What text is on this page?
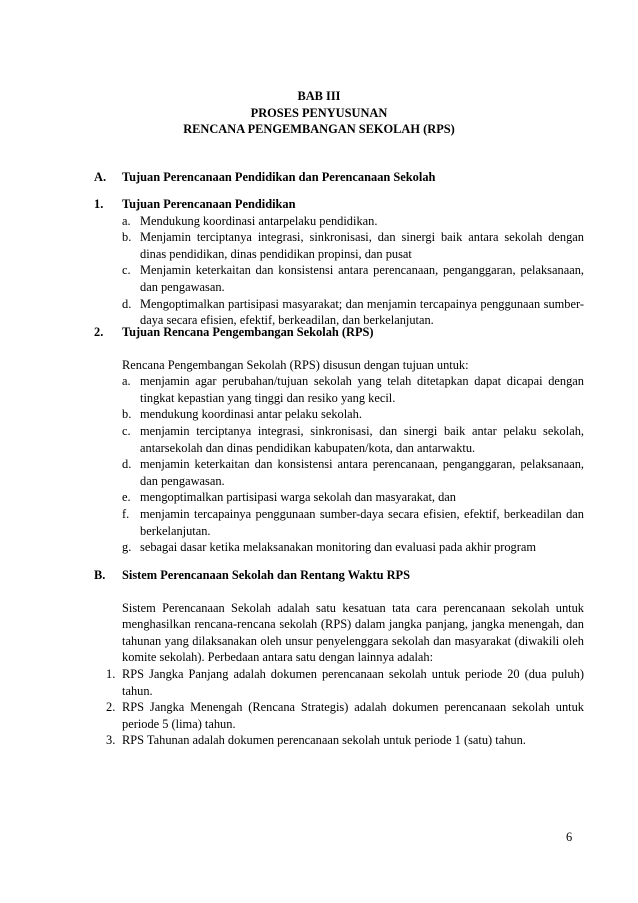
BAB III
PROSES PENYUSUNAN
RENCANA PENGEMBANGAN SEKOLAH (RPS)
A. Tujuan Perencanaan Pendidikan dan Perencanaan Sekolah
1. Tujuan Perencanaan Pendidikan
a. Mendukung koordinasi antarpelaku pendidikan.
b. Menjamin terciptanya integrasi, sinkronisasi, dan sinergi baik antara sekolah dengan dinas pendidikan, dinas pendidikan propinsi, dan pusat
c. Menjamin keterkaitan dan konsistensi antara perencanaan, penganggaran, pelaksanaan, dan pengawasan.
d. Mengoptimalkan partisipasi masyarakat; dan menjamin tercapainya penggunaan sumber-daya secara efisien, efektif, berkeadilan, dan berkelanjutan.
2. Tujuan Rencana Pengembangan Sekolah (RPS)
Rencana Pengembangan Sekolah (RPS) disusun dengan tujuan untuk:
a. menjamin agar perubahan/tujuan sekolah yang telah ditetapkan dapat dicapai dengan tingkat kepastian yang tinggi dan resiko yang kecil.
b. mendukung koordinasi antar pelaku sekolah.
c. menjamin terciptanya integrasi, sinkronisasi, dan sinergi baik antar pelaku sekolah, antarsekolah dan dinas pendidikan kabupaten/kota, dan antarwaktu.
d. menjamin keterkaitan dan konsistensi antara perencanaan, penganggaran, pelaksanaan, dan pengawasan.
e. mengoptimalkan partisipasi warga sekolah dan masyarakat, dan
f. menjamin tercapainya penggunaan sumber-daya secara efisien, efektif, berkeadilan dan berkelanjutan.
g. sebagai dasar ketika melaksanakan monitoring dan evaluasi pada akhir program
B. Sistem Perencanaan Sekolah dan Rentang Waktu RPS
Sistem Perencanaan Sekolah adalah satu kesatuan tata cara perencanaan sekolah untuk menghasilkan rencana-rencana sekolah (RPS) dalam jangka panjang, jangka menengah, dan tahunan yang dilaksanakan oleh unsur penyelenggara sekolah dan masyarakat (diwakili oleh komite sekolah). Perbedaan antara satu dengan lainnya adalah:
1. RPS Jangka Panjang adalah dokumen perencanaan sekolah untuk periode 20 (dua puluh) tahun.
2. RPS Jangka Menengah (Rencana Strategis) adalah dokumen perencanaan sekolah untuk periode 5 (lima) tahun.
3. RPS Tahunan adalah dokumen perencanaan sekolah untuk periode 1 (satu) tahun.
6
